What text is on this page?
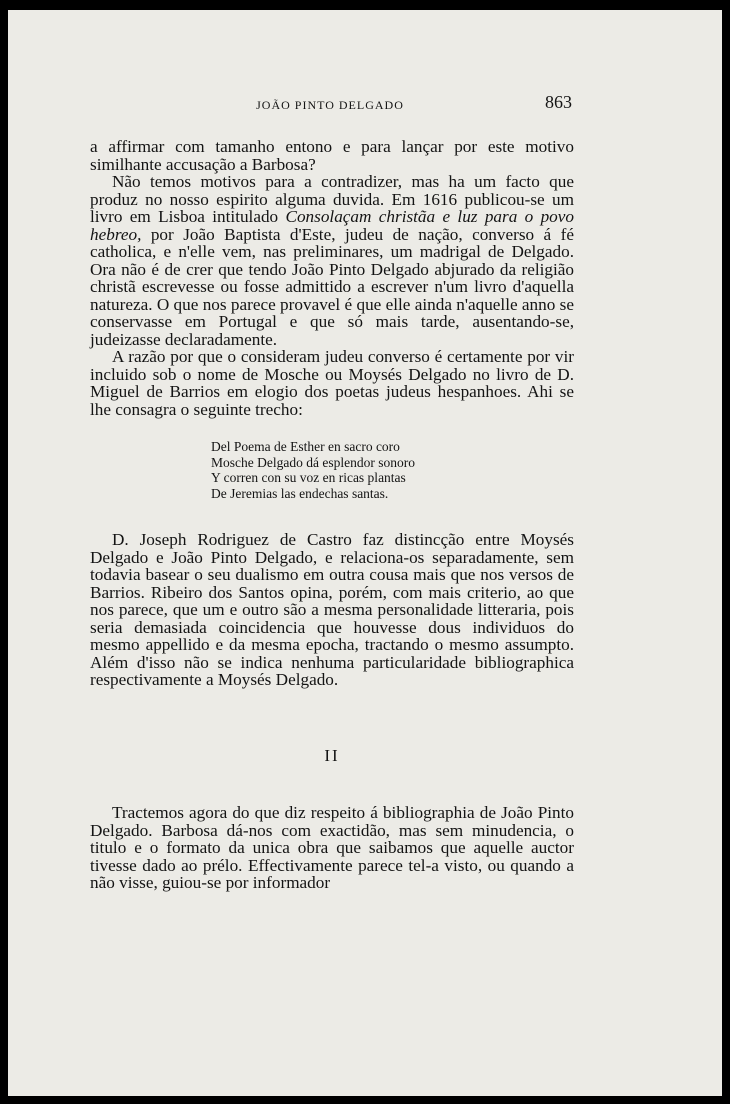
JOÃO PINTO DELGADO	863

a affirmar com tamanho entono e para lançar por este motivo similhante accusação a Barbosa?

Não temos motivos para a contradizer, mas ha um facto que produz no nosso espirito alguma duvida. Em 1616 publicou-se um livro em Lisboa intitulado Consolaçam christãa e luz para o povo hebreo, por João Baptista d'Este, judeu de nação, converso á fé catholica, e n'elle vem, nas preliminares, um madrigal de Delgado. Ora não é de crer que tendo João Pinto Delgado abjurado da religião christã escrevesse ou fosse admittido a escrever n'um livro d'aquella natureza. O que nos parece provavel é que elle ainda n'aquelle anno se conservasse em Portugal e que só mais tarde, ausentando-se, judeizasse declaradamente.

A razão por que o consideram judeu converso é certamente por vir incluido sob o nome de Mosche ou Moysés Delgado no livro de D. Miguel de Barrios em elogio dos poetas judeus hespanhoes. Ahi se lhe consagra o seguinte trecho:

Del Poema de Esther en sacro coro
Mosche Delgado dá esplendor sonoro
Y corren con su voz en ricas plantas
De Jeremias las endechas santas.

D. Joseph Rodriguez de Castro faz distincção entre Moysés Delgado e João Pinto Delgado, e relaciona-os separadamente, sem todavia basear o seu dualismo em outra cousa mais que nos versos de Barrios. Ribeiro dos Santos opina, porém, com mais criterio, ao que nos parece, que um e outro são a mesma personalidade litteraria, pois seria demasiada coincidencia que houvesse dous individuos do mesmo appellido e da mesma epocha, tractando o mesmo assumpto. Além d'isso não se indica nenhuma particularidade bibliographica respectivamente a Moysés Delgado.

II

Tractemos agora do que diz respeito á bibliographia de João Pinto Delgado. Barbosa dá-nos com exactidão, mas sem minudencia, o titulo e o formato da unica obra que saibamos que aquelle auctor tivesse dado ao prélo. Effectivamente parece tel-a visto, ou quando a não visse, guiou-se por informador
